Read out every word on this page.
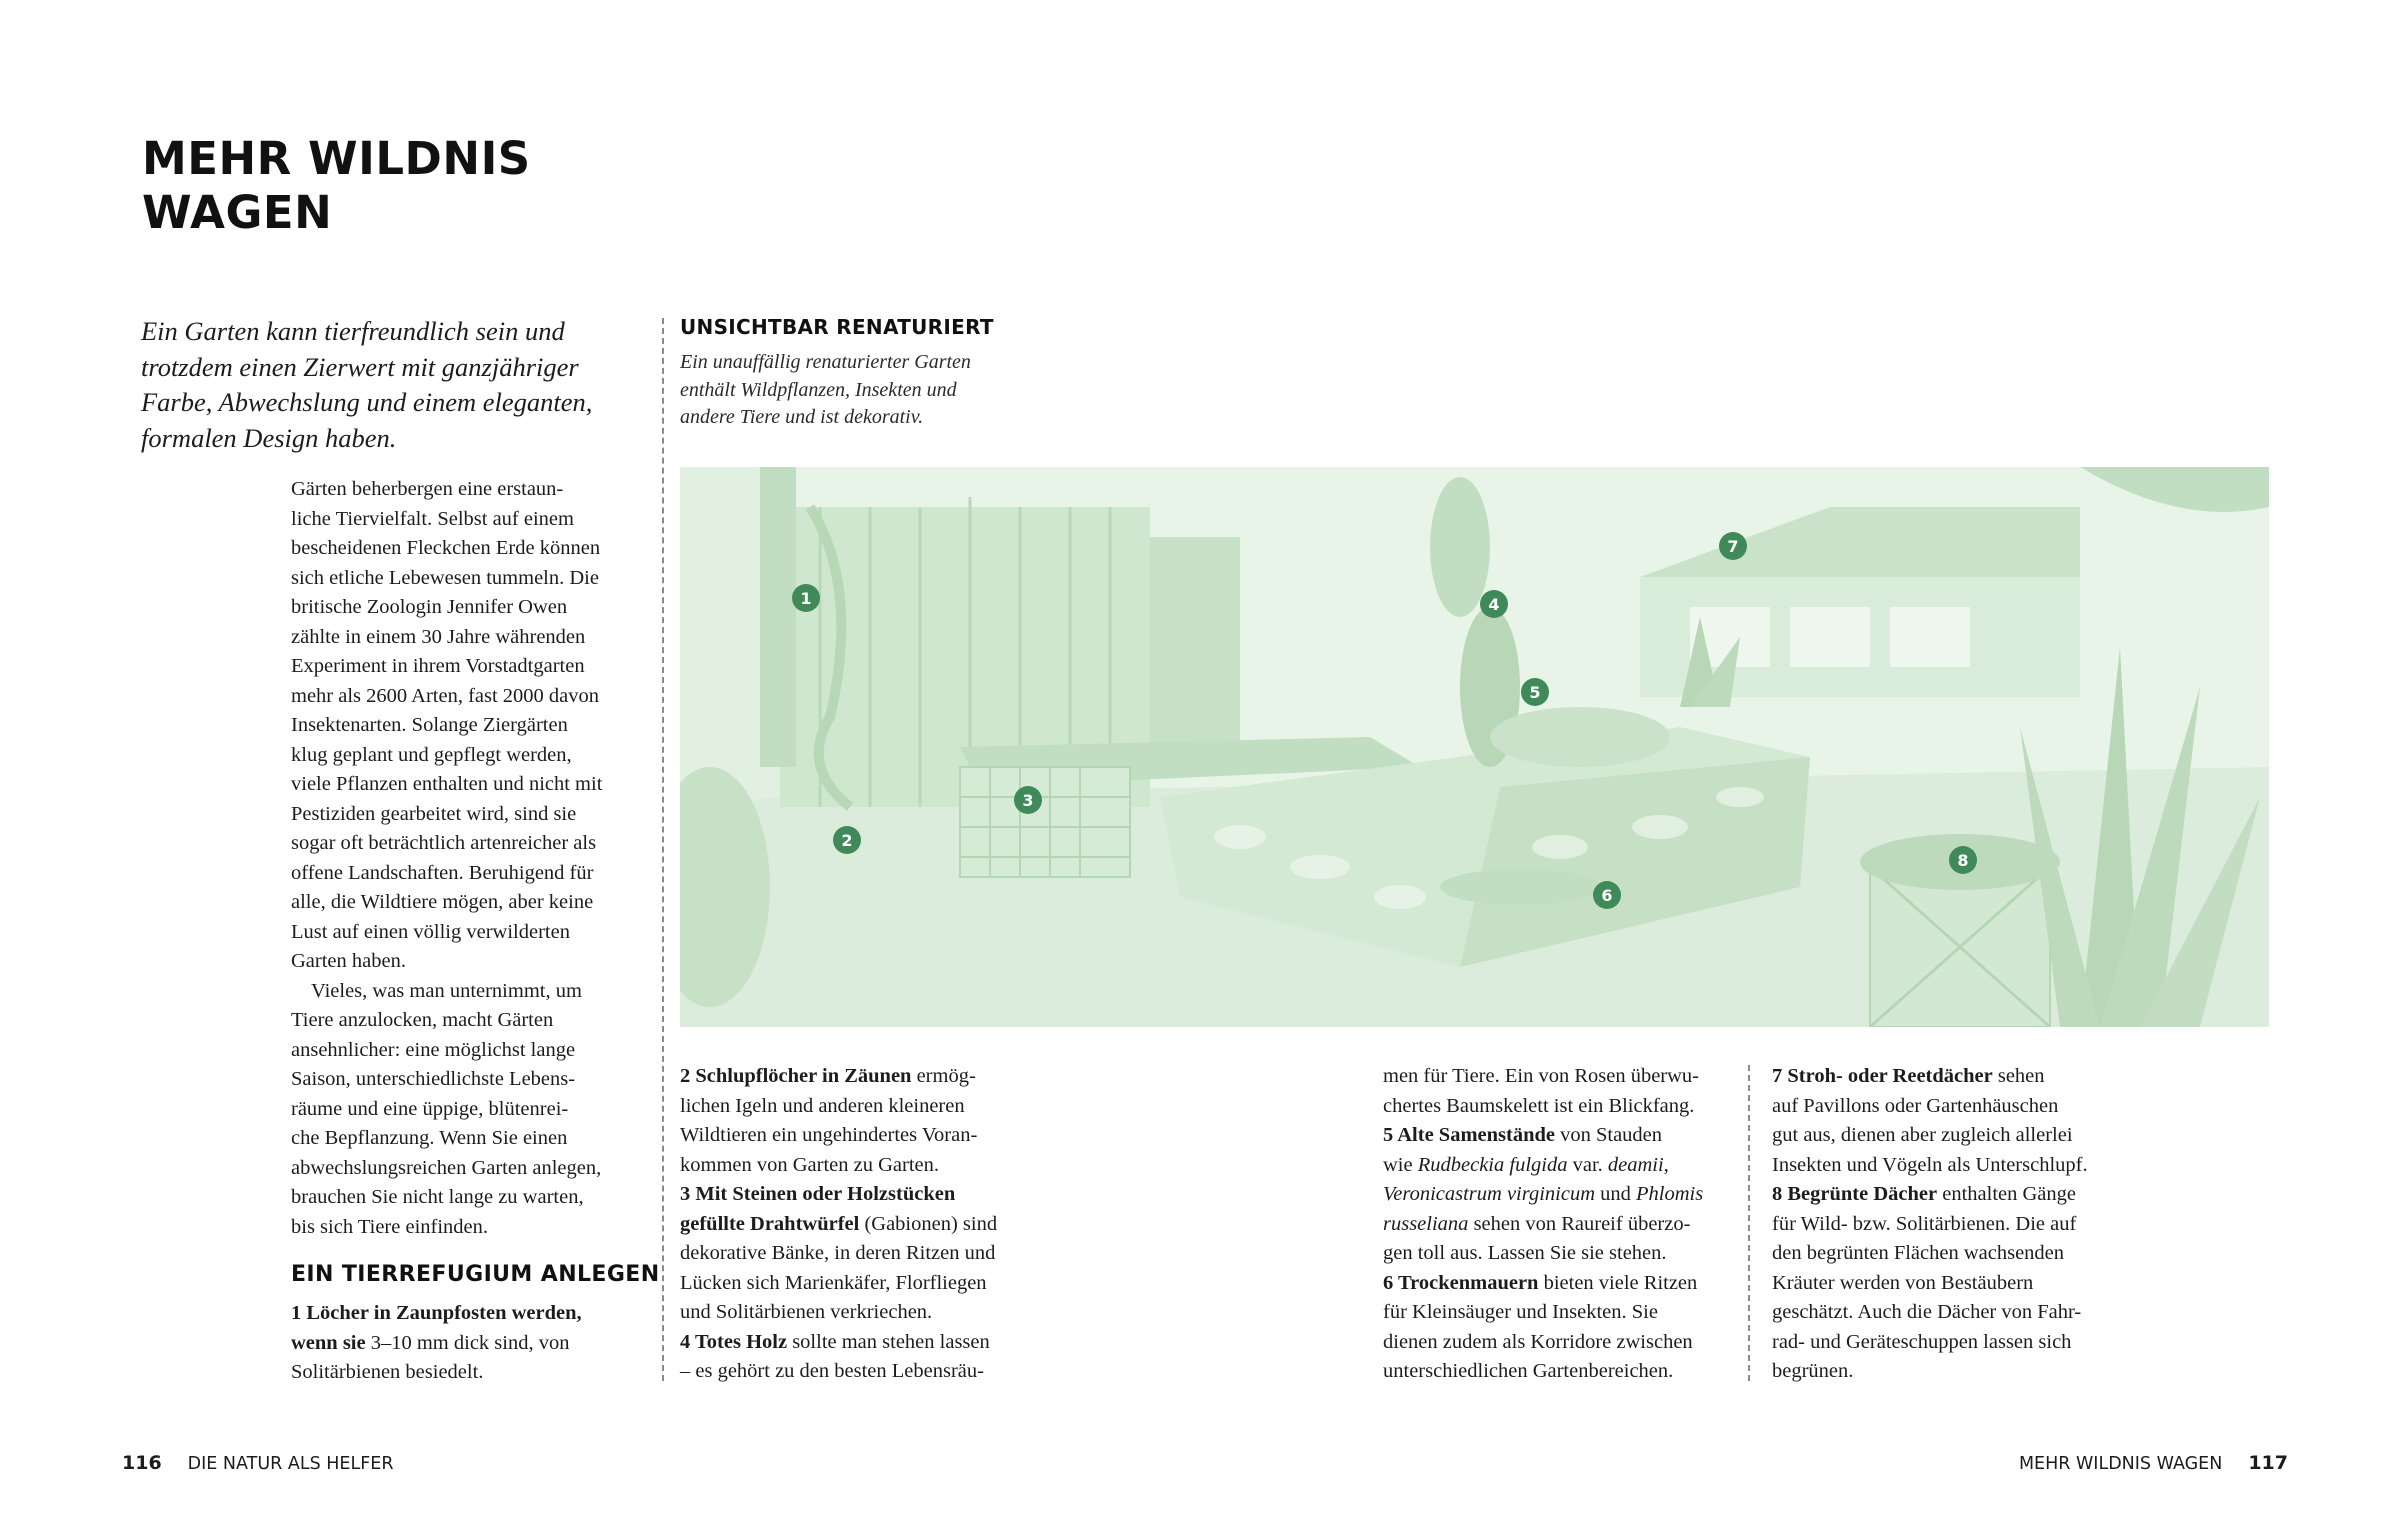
MEHR WILDNIS
WAGEN

Ein Garten kann tierfreundlich sein und
trotzdem einen Zierwert mit ganzjähriger
Farbe, Abwechslung und einem eleganten,
formalen Design haben.

Gärten beherbergen eine erstaun-
liche Tiervielfalt. Selbst auf einem
bescheidenen Fleckchen Erde können
sich etliche Lebewesen tummeln. Die
britische Zoologin Jennifer Owen
zählte in einem 30 Jahre währenden
Experiment in ihrem Vorstadtgarten
mehr als 2600 Arten, fast 2000 davon
Insektenarten. Solange Ziergärten
klug geplant und gepflegt werden,
viele Pflanzen enthalten und nicht mit
Pestiziden gearbeitet wird, sind sie
sogar oft beträchtlich artenreicher als
offene Landschaften. Beruhigend für
alle, die Wildtiere mögen, aber keine
Lust auf einen völlig verwilderten
Garten haben.

Vieles, was man unternimmt, um
Tiere anzulocken, macht Gärten
ansehnlicher: eine möglichst lange
Saison, unterschiedlichste Lebens-
räume und eine üppige, blütenrei-
che Bepflanzung. Wenn Sie einen
abwechslungsreichen Garten anlegen,
brauchen Sie nicht lange zu warten,
bis sich Tiere einfinden.

EIN TIERREFUGIUM ANLEGEN
1 Löcher in Zaunpfosten werden,
wenn sie 3–10 mm dick sind, von
Solitärbienen besiedelt.
UNSICHTBAR RENATURIERT

Ein unauffällig renaturierter Garten
enthält Wildpflanzen, Insekten und
andere Tiere und ist dekorativ.

1
2
3
4
5
6
7
8
2 Schlupflöcher in Zäunen ermög-
lichen Igeln und anderen kleineren
Wildtieren ein ungehindertes Voran-
kommen von Garten zu Garten.
3 Mit Steinen oder Holzstücken
gefüllte Drahtwürfel (Gabionen) sind
dekorative Bänke, in deren Ritzen und
Lücken sich Marienkäfer, Florfliegen
und Solitärbienen verkriechen.
4 Totes Holz sollte man stehen lassen
– es gehört zu den besten Lebensräu-
men für Tiere. Ein von Rosen überwu-
chertes Baumskelett ist ein Blickfang.
5 Alte Samenstände von Stauden
wie Rudbeckia fulgida var. deamii,
Veronicastrum virginicum und Phlomis
russeliana sehen von Raureif überzo-
gen toll aus. Lassen Sie sie stehen.
6 Trockenmauern bieten viele Ritzen
für Kleinsäuger und Insekten. Sie
dienen zudem als Korridore zwischen
unterschiedlichen Gartenbereichen.
7 Stroh- oder Reetdächer sehen
auf Pavillons oder Gartenhäuschen
gut aus, dienen aber zugleich allerlei
Insekten und Vögeln als Unterschlupf.
8 Begrünte Dächer enthalten Gänge
für Wild- bzw. Solitärbienen. Die auf
den begrünten Flächen wachsenden
Kräuter werden von Bestäubern
geschätzt. Auch die Dächer von Fahr-
rad- und Geräteschuppen lassen sich
begrünen.
116 DIE NATUR ALS HELFER	MEHR WILDNIS WAGEN 117
